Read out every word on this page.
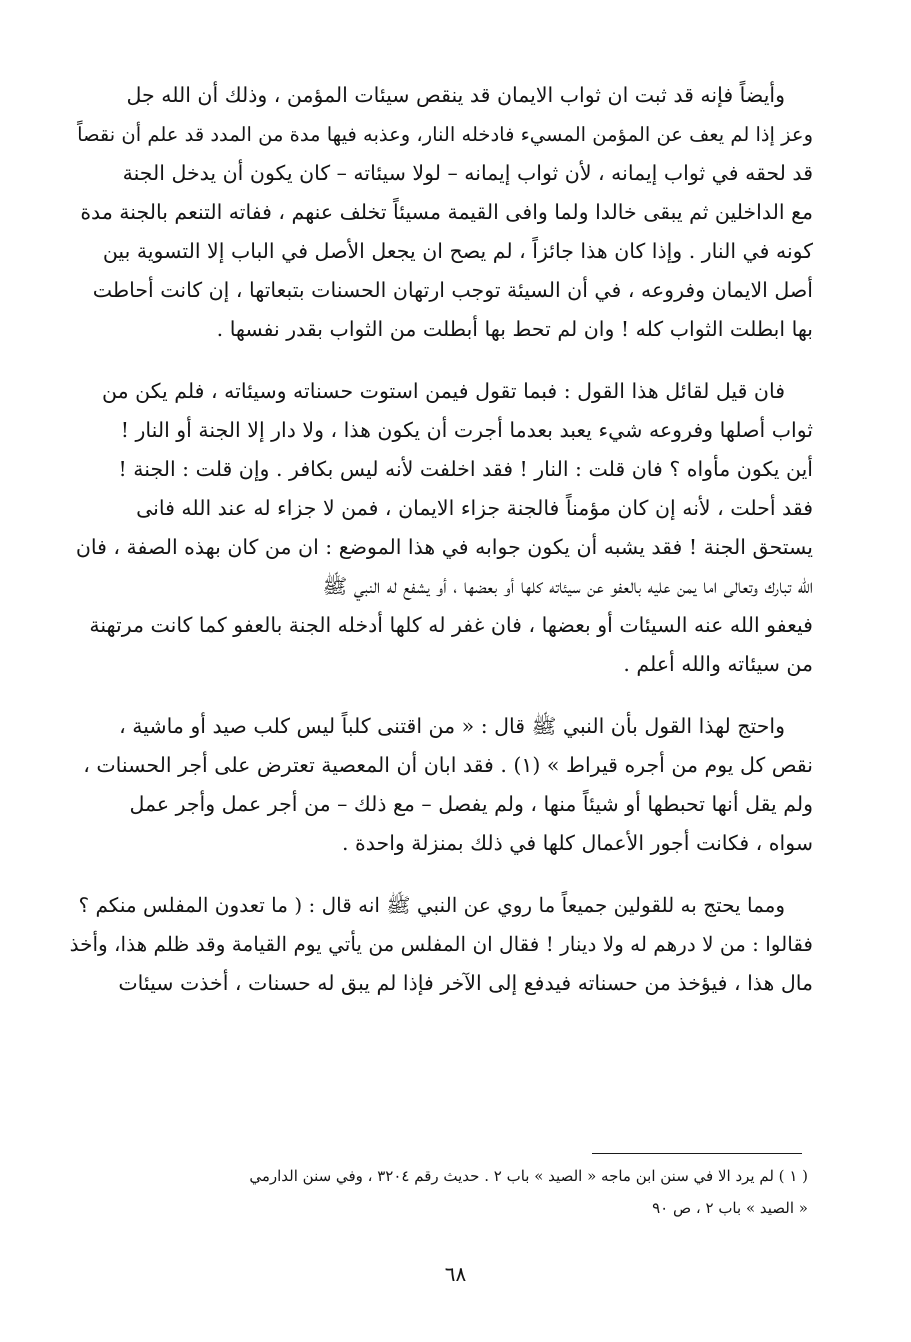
وأيضاً فإنه قد ثبت ان ثواب الايمان قد ينقص سيئات المؤمن ، وذلك أن الله جل
وعز إذا لم يعف عن المؤمن المسيء فادخله النار، وعذبه فيها مدة من المدد قد علم أن نقصاً
قد لحقه في ثواب إيمانه ، لأن ثواب إيمانه – لولا سيئاته – كان يكون أن يدخل الجنة
مع الداخلين ثم يبقى خالدا ولما وافى القيمة مسيئاً تخلف عنهم ، ففاته التنعم بالجنة مدة
كونه في النار . وإذا كان هذا جائزاً ، لم يصح ان يجعل الأصل في الباب إلا التسوية بين
أصل الايمان وفروعه ، في أن السيئة توجب ارتهان الحسنات بتبعاتها ، إن كانت أحاطت
بها ابطلت الثواب كله ! وان لم تحط بها أبطلت من الثواب بقدر نفسها .
فان قيل لقائل هذا القول : فبما تقول فيمن استوت حسناته وسيئاته ، فلم يكن من
ثواب أصلها وفروعه شيء يعبد بعدما أجرت أن يكون هذا ، ولا دار إلا الجنة أو النار !
أين يكون مأواه ؟ فان قلت : النار ! فقد اخلفت لأنه ليس بكافر . وإن قلت : الجنة !
فقد أحلت ، لأنه إن كان مؤمناً فالجنة جزاء الايمان ، فمن لا جزاء له عند الله فانى
يستحق الجنة ! فقد يشبه أن يكون جوابه في هذا الموضع : ان من كان بهذه الصفة ، فان
الله تبارك وتعالى اما يمن عليه بالعفو عن سيئاته كلها أو بعضها ، أو يشفع له النبي ﷺ
فيعفو الله عنه السيئات أو بعضها ، فان غفر له كلها أدخله الجنة بالعفو كما كانت مرتهنة
من سيئاته والله أعلم .
واحتج لهذا القول بأن النبي ﷺ قال : « من اقتنى كلباً ليس كلب صيد أو ماشية ،
نقص كل يوم من أجره قيراط » (١) . فقد ابان أن المعصية تعترض على أجر الحسنات ،
ولم يقل أنها تحبطها أو شيئاً منها ، ولم يفصل – مع ذلك – من أجر عمل وأجر عمل
سواه ، فكانت أجور الأعمال كلها في ذلك بمنزلة واحدة .
ومما يحتج به للقولين جميعاً ما روي عن النبي ﷺ انه قال : ( ما تعدون المفلس منكم ؟
فقالوا : من لا درهم له ولا دينار ! فقال ان المفلس من يأتي يوم القيامة وقد ظلم هذا، وأخذ
مال هذا ، فيؤخذ من حسناته فيدفع إلى الآخر فإذا لم يبق له حسنات ، أخذت سيئات
( ١ ) لم يرد الا في سنن ابن ماجه « الصيد » باب ٢ . حديث رقم ٣٢٠٤ ، وفي سنن الدارمي
« الصيد » باب ٢ ، ص ٩٠
٦٨
